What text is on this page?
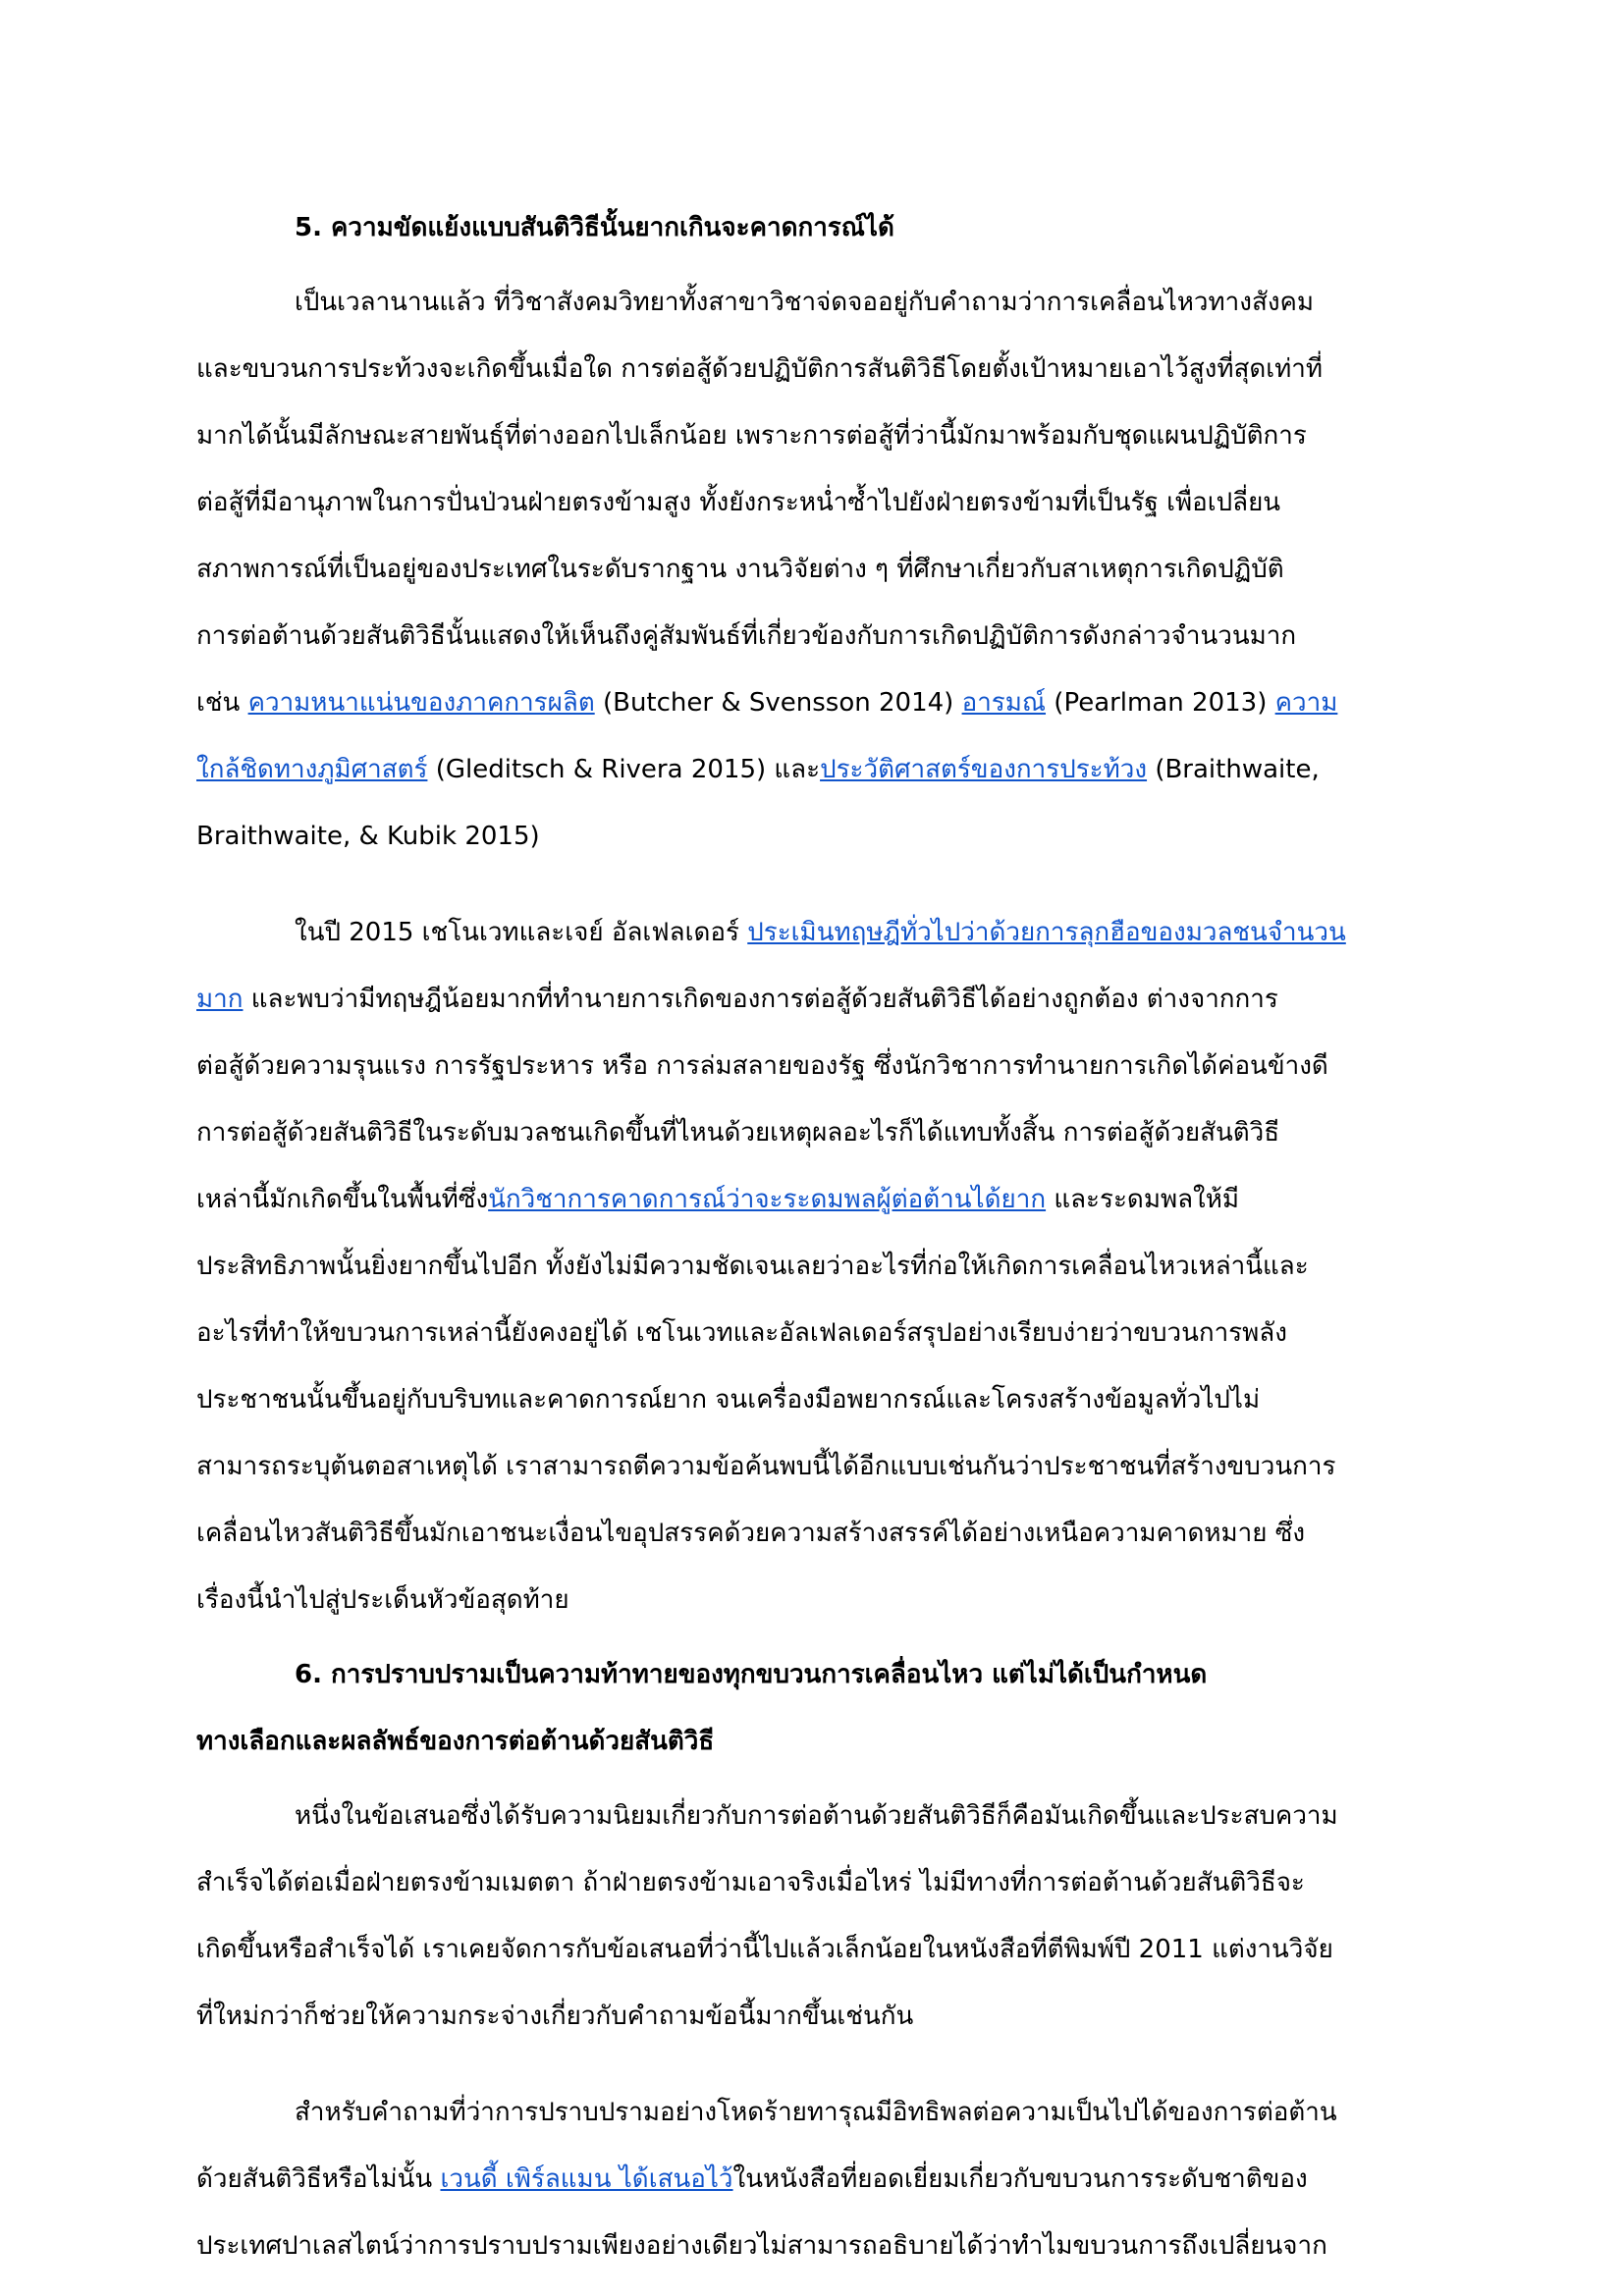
5. ความขัดแย้งแบบสันติวิธีนั้นยากเกินจะคาดการณ์ได้

เป็นเวลานานแล้ว ที่วิชาสังคมวิทยาทั้งสาขาวิชาจ่ดจออยู่กับคำถามว่าการเคลื่อนไหวทางสังคม
และขบวนการประท้วงจะเกิดขึ้นเมื่อใด การต่อสู้ด้วยปฏิบัติการสันติวิธีโดยตั้งเป้าหมายเอาไว้สูงที่สุดเท่าที่
มากได้นั้นมีลักษณะสายพันธุ์ที่ต่างออกไปเล็กน้อย เพราะการต่อสู้ที่ว่านี้มักมาพร้อมกับชุดแผนปฏิบัติการ
ต่อสู้ที่มีอานุภาพในการปั่นป่วนฝ่ายตรงข้ามสูง ทั้งยังกระหน่ำซ้ำไปยังฝ่ายตรงข้ามที่เป็นรัฐ เพื่อเปลี่ยน
สภาพการณ์ที่เป็นอยู่ของประเทศในระดับรากฐาน งานวิจัยต่าง ๆ ที่ศึกษาเกี่ยวกับสาเหตุการเกิดปฏิบัติ
การต่อต้านด้วยสันติวิธีนั้นแสดงให้เห็นถึงคู่สัมพันธ์ที่เกี่ยวข้องกับการเกิดปฏิบัติการดังกล่าวจำนวนมาก
เช่น ความหนาแน่นของภาคการผลิต (Butcher & Svensson 2014) อารมณ์ (Pearlman 2013) ความ
ใกล้ชิดทางภูมิศาสตร์ (Gleditsch & Rivera 2015) และประวัติศาสตร์ของการประท้วง (Braithwaite,
Braithwaite, & Kubik 2015)
ในปี 2015 เชโนเวทและเจย์ อัลเฟลเดอร์ ประเมินทฤษฎีทั่วไปว่าด้วยการลุกฮือของมวลชนจำนวน
มาก และพบว่ามีทฤษฎีน้อยมากที่ทำนายการเกิดของการต่อสู้ด้วยสันติวิธีได้อย่างถูกต้อง ต่างจากการ
ต่อสู้ด้วยความรุนแรง การรัฐประหาร หรือ การล่มสลายของรัฐ ซึ่งนักวิชาการทำนายการเกิดได้ค่อนข้างดี
การต่อสู้ด้วยสันติวิธีในระดับมวลชนเกิดขึ้นที่ไหนด้วยเหตุผลอะไรก็ได้แทบทั้งสิ้น การต่อสู้ด้วยสันติวิธี
เหล่านี้มักเกิดขึ้นในพื้นที่ซึ่งนักวิชาการคาดการณ์ว่าจะระดมพลผู้ต่อต้านได้ยาก และระดมพลให้มี
ประสิทธิภาพนั้นยิ่งยากขึ้นไปอีก ทั้งยังไม่มีความชัดเจนเลยว่าอะไรที่ก่อให้เกิดการเคลื่อนไหวเหล่านี้และ
อะไรที่ทำให้ขบวนการเหล่านี้ยังคงอยู่ได้ เชโนเวทและอัลเฟลเดอร์สรุปอย่างเรียบง่ายว่าขบวนการพลัง
ประชาชนนั้นขึ้นอยู่กับบริบทและคาดการณ์ยาก จนเครื่องมือพยากรณ์และโครงสร้างข้อมูลทั่วไปไม่
สามารถระบุต้นตอสาเหตุได้ เราสามารถตีความข้อค้นพบนี้ได้อีกแบบเช่นกันว่าประชาชนที่สร้างขบวนการ
เคลื่อนไหวสันติวิธีขึ้นมักเอาชนะเงื่อนไขอุปสรรคด้วยความสร้างสรรค์ได้อย่างเหนือความคาดหมาย ซึ่ง
เรื่องนี้นำไปสู่ประเด็นหัวข้อสุดท้าย
6. การปราบปรามเป็นความท้าทายของทุกขบวนการเคลื่อนไหว แต่ไม่ได้เป็นกำหนด
ทางเลือกและผลลัพธ์ของการต่อต้านด้วยสันติวิธี
หนึ่งในข้อเสนอซึ่งได้รับความนิยมเกี่ยวกับการต่อต้านด้วยสันติวิธีก็คือมันเกิดขึ้นและประสบความ
สำเร็จได้ต่อเมื่อฝ่ายตรงข้ามเมตตา ถ้าฝ่ายตรงข้ามเอาจริงเมื่อไหร่ ไม่มีทางที่การต่อต้านด้วยสันติวิธีจะ
เกิดขึ้นหรือสำเร็จได้ เราเคยจัดการกับข้อเสนอที่ว่านี้ไปแล้วเล็กน้อยในหนังสือที่ตีพิมพ์ปี 2011 แต่งานวิจัย
ที่ใหม่กว่าก็ช่วยให้ความกระจ่างเกี่ยวกับคำถามข้อนี้มากขึ้นเช่นกัน
สำหรับคำถามที่ว่าการปราบปรามอย่างโหดร้ายทารุณมีอิทธิพลต่อความเป็นไปได้ของการต่อต้าน
ด้วยสันติวิธีหรือไม่นั้น เวนดี้ เพิร์ลแมน ได้เสนอไว้ในหนังสือที่ยอดเยี่ยมเกี่ยวกับขบวนการระดับชาติของ
ประเทศปาเลสไตน์ว่าการปราบปรามเพียงอย่างเดียวไม่สามารถอธิบายได้ว่าทำไมขบวนการถึงเปลี่ยนจาก
